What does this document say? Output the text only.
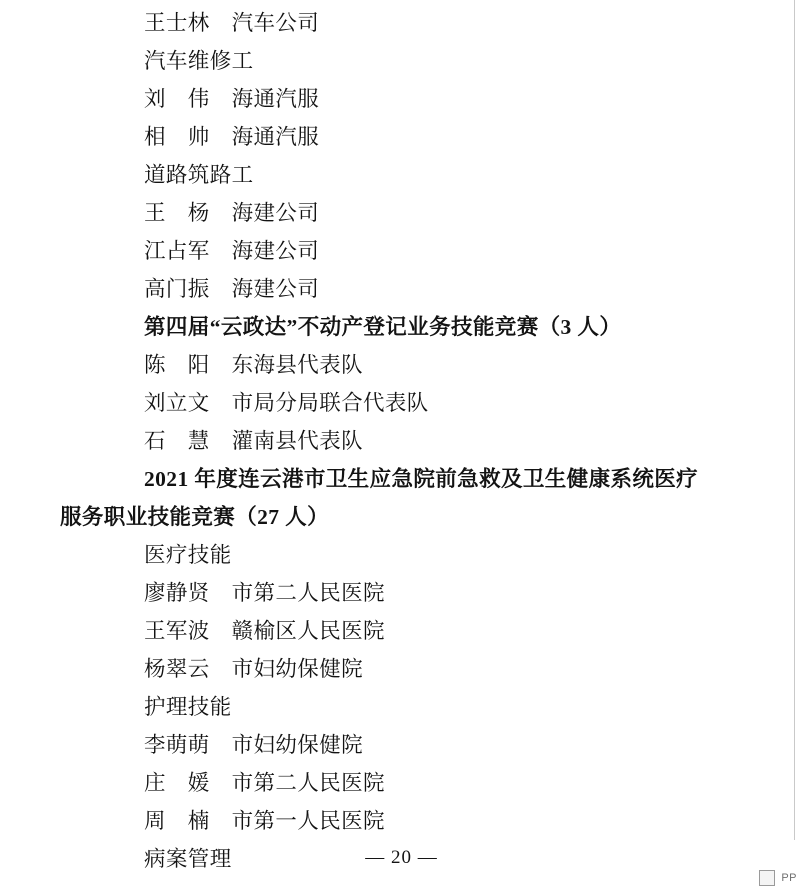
王士林　汽车公司
汽车维修工
刘　伟　海通汽服
相　帅　海通汽服
道路筑路工
王　杨　海建公司
江占军　海建公司
高门振　海建公司
第四届“云政达”不动产登记业务技能竞赛（3 人）
陈　阳　东海县代表队
刘立文　市局分局联合代表队
石　慧　灌南县代表队
2021 年度连云港市卫生应急院前急救及卫生健康系统医疗
服务职业技能竞赛（27 人）
医疗技能
廖静贤　市第二人民医院
王军波　赣榆区人民医院
杨翠云　市妇幼保健院
护理技能
李萌萌　市妇幼保健院
庄　媛　市第二人民医院
周　楠　市第一人民医院
病案管理	— 20 —
PP
